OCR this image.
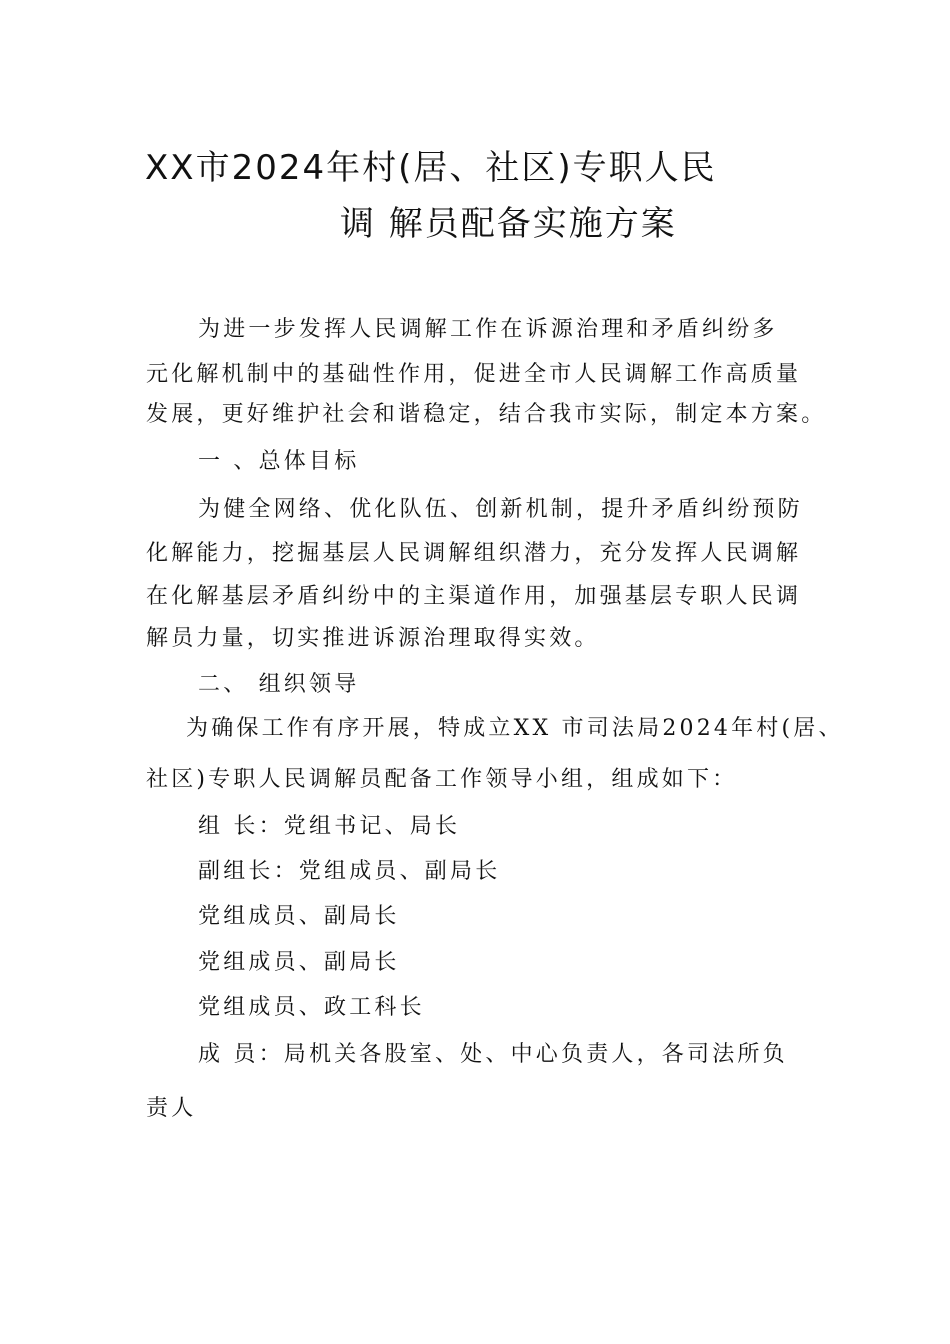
XX市2024年村(居、社区)专职人民
调 解员配备实施方案
为进一步发挥人民调解工作在诉源治理和矛盾纠纷多
元化解机制中的基础性作用，促进全市人民调解工作高质量
发展，更好维护社会和谐稳定，结合我市实际，制定本方案。
一 、总体目标
为健全网络、优化队伍、创新机制，提升矛盾纠纷预防
化解能力，挖掘基层人民调解组织潜力，充分发挥人民调解
在化解基层矛盾纠纷中的主渠道作用，加强基层专职人民调
解员力量，切实推进诉源治理取得实效。
二、 组织领导
为确保工作有序开展，特成立XX 市司法局2024年村(居、
社区)专职人民调解员配备工作领导小组，组成如下：
组 长：党组书记、局长
副组长：党组成员、副局长
党组成员、副局长
党组成员、副局长
党组成员、政工科长
成 员：局机关各股室、处、中心负责人，各司法所负
责人
